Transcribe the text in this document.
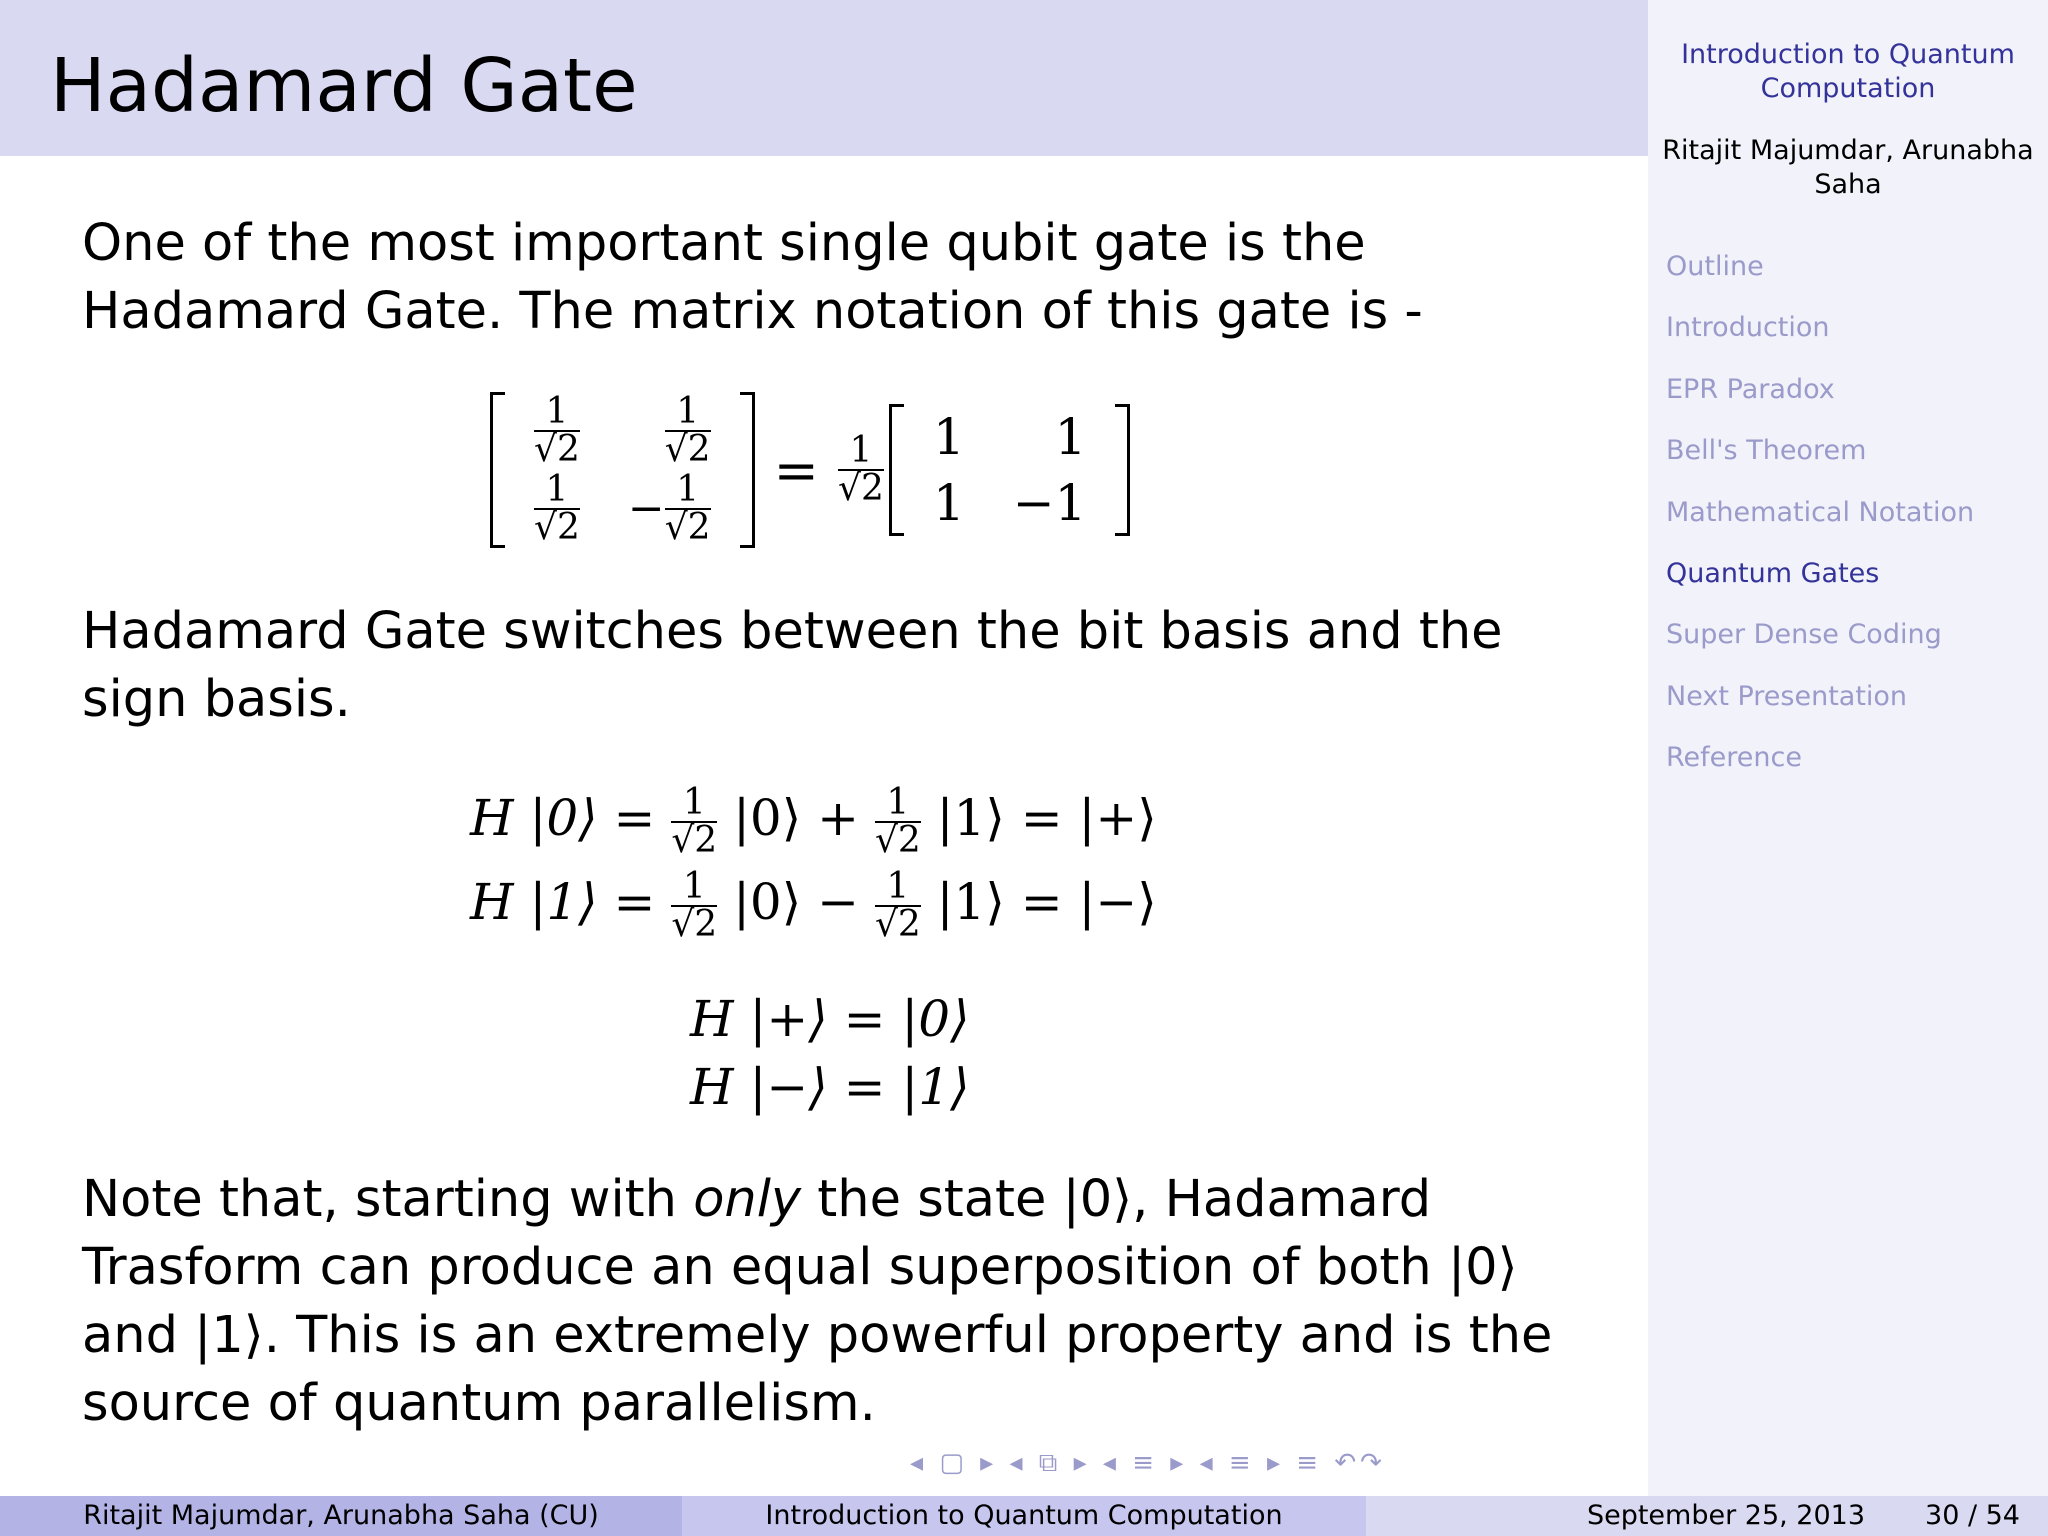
Hadamard Gate	Introduction to Quantum Computation
Ritajit Majumdar, Arunabha Saha
Outline
Introduction
EPR Paradox
Bell's Theorem
Mathematical Notation
Quantum Gates
Super Dense Coding
Next Presentation
Reference

One of the most important single qubit gate is the Hadamard Gate. The matrix notation of this gate is -

$\frac{1}{√2}$	$\frac{1}{√2}$

$\frac{1}{√2}$	− $\frac{1}{√2}$
= $\frac{1}{√2}$
1	1
1	−1

Hadamard Gate switches between the bit basis and the sign basis.

H |0⟩ = $\frac{1}{√2}$ |0⟩ + $\frac{1}{√2}$ |1⟩ = |+⟩
H |1⟩ = $\frac{1}{√2}$ |0⟩ − $\frac{1}{√2}$ |1⟩ = |−⟩
H |+⟩ = |0⟩
H |−⟩ = |1⟩

Note that, starting with only the state |0⟩, Hadamard Trasform can produce an equal superposition of both |0⟩ and |1⟩. This is an extremely powerful property and is the source of quantum parallelism.

◂ ▢ ▸ ◂ ⧉ ▸ ◂ ≡ ▸ ◂ ≡ ▸ ≡ ↶↷
Ritajit Majumdar, Arunabha Saha (CU)	Introduction to Quantum Computation	September 25, 2013 30 / 54
